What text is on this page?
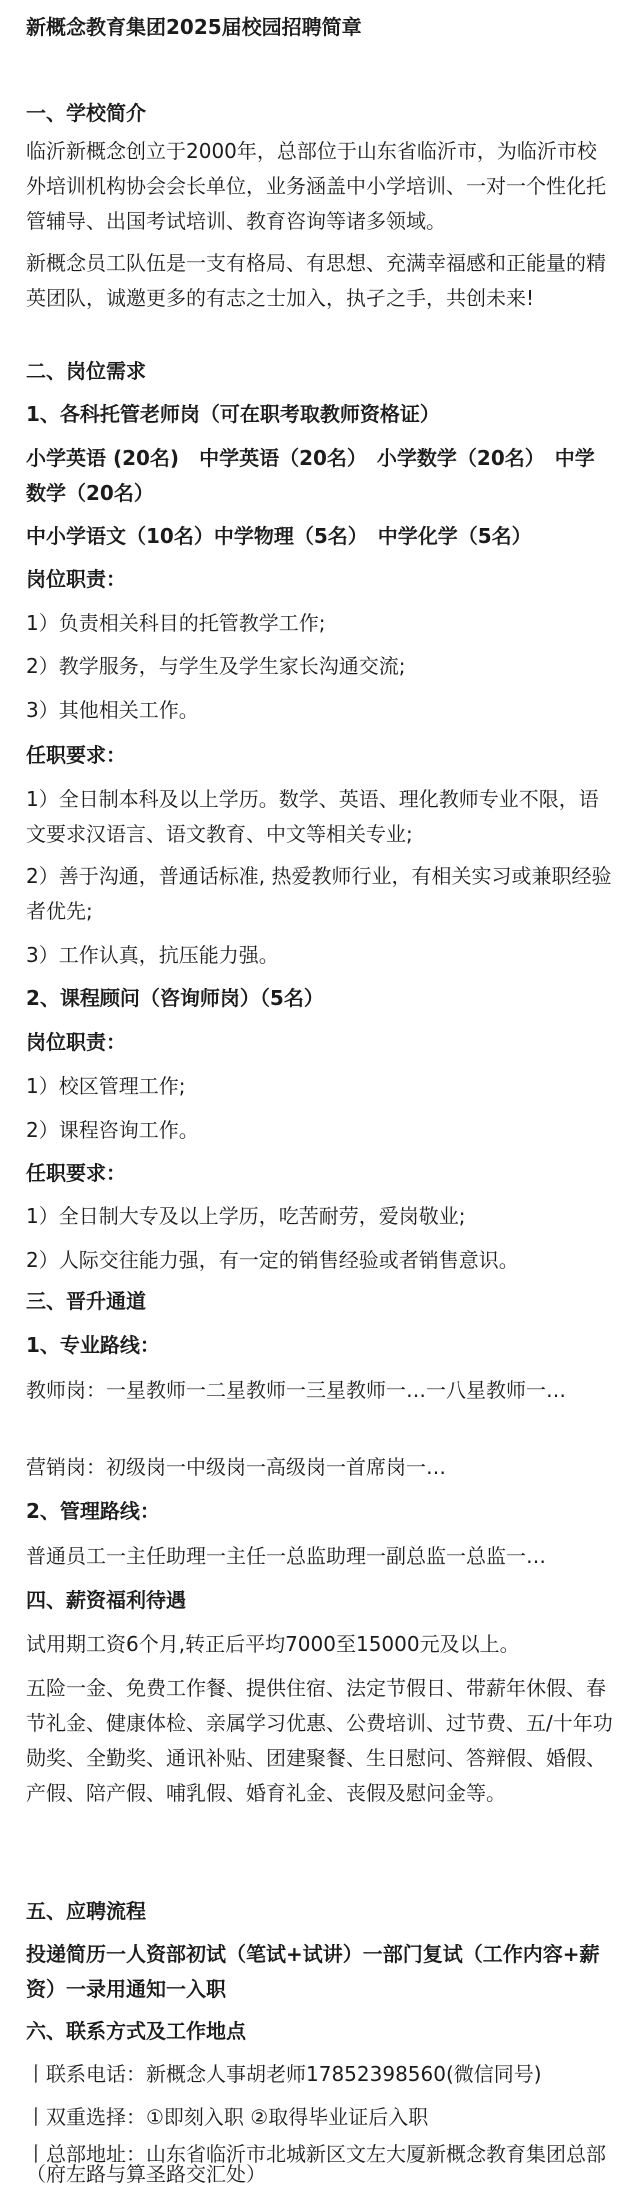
新概念教育集团2025届校园招聘简章

一、学校简介

临沂新概念创立于2000年，总部位于山东省临沂市，为临沂市校外培训机构协会会长单位，业务涵盖中小学培训、一对一个性化托管辅导、出国考试培训、教育咨询等诸多领域。

新概念员工队伍是一支有格局、有思想、充满幸福感和正能量的精英团队，诚邀更多的有志之士加入，执孑之手，共创未来!

二、岗位需求

1、各科托管老师岗（可在职考取教师资格证）

小学英语 (20名)　中学英语（20名）　小学数学（20名）　中学数学（20名）

中小学语文（10名）中学物理（5名）　中学化学（5名）

岗位职责：

1）负责相关科目的托管教学工作;

2）教学服务，与学生及学生家长沟通交流;

3）其他相关工作。

任职要求：

1）全日制本科及以上学历。数学、英语、理化教师专业不限，语文要求汉语言、语文教育、中文等相关专业;

2）善于沟通，普通话标准, 热爱教师行业，有相关实习或兼职经验者优先;

3）工作认真，抗压能力强。

2、课程顾问（咨询师岗）（5名）

岗位职责：

1）校区管理工作;

2）课程咨询工作。

任职要求：

1）全日制大专及以上学历，吃苦耐劳，爱岗敬业;

2）人际交往能力强，有一定的销售经验或者销售意识。

三、晋升通道

1、专业路线：

教师岗：一星教师一二星教师一三星教师一…一八星教师一…

营销岗：初级岗一中级岗一高级岗一首席岗一…

2、管理路线：

普通员工一主任助理一主任一总监助理一副总监一总监一…

四、薪资福利待遇

试用期工资6个月,转正后平均7000至15000元及以上。

五险一金、免费工作餐、提供住宿、法定节假日、带薪年休假、春节礼金、健康体检、亲属学习优惠、公费培训、过节费、五/十年功勋奖、全勤奖、通讯补贴、团建聚餐、生日慰问、答辩假、婚假、产假、陪产假、哺乳假、婚育礼金、丧假及慰问金等。

五、应聘流程

投递简历一人资部初试（笔试+试讲）一部门复试（工作内容+薪资）一录用通知一入职

六、联系方式及工作地点

丨联系电话：新概念人事胡老师17852398560(微信同号)

丨双重选择：①即刻入职 ②取得毕业证后入职

丨总部地址：山东省临沂市北城新区文左大厦新概念教育集团总部（府左路与算圣路交汇处）
